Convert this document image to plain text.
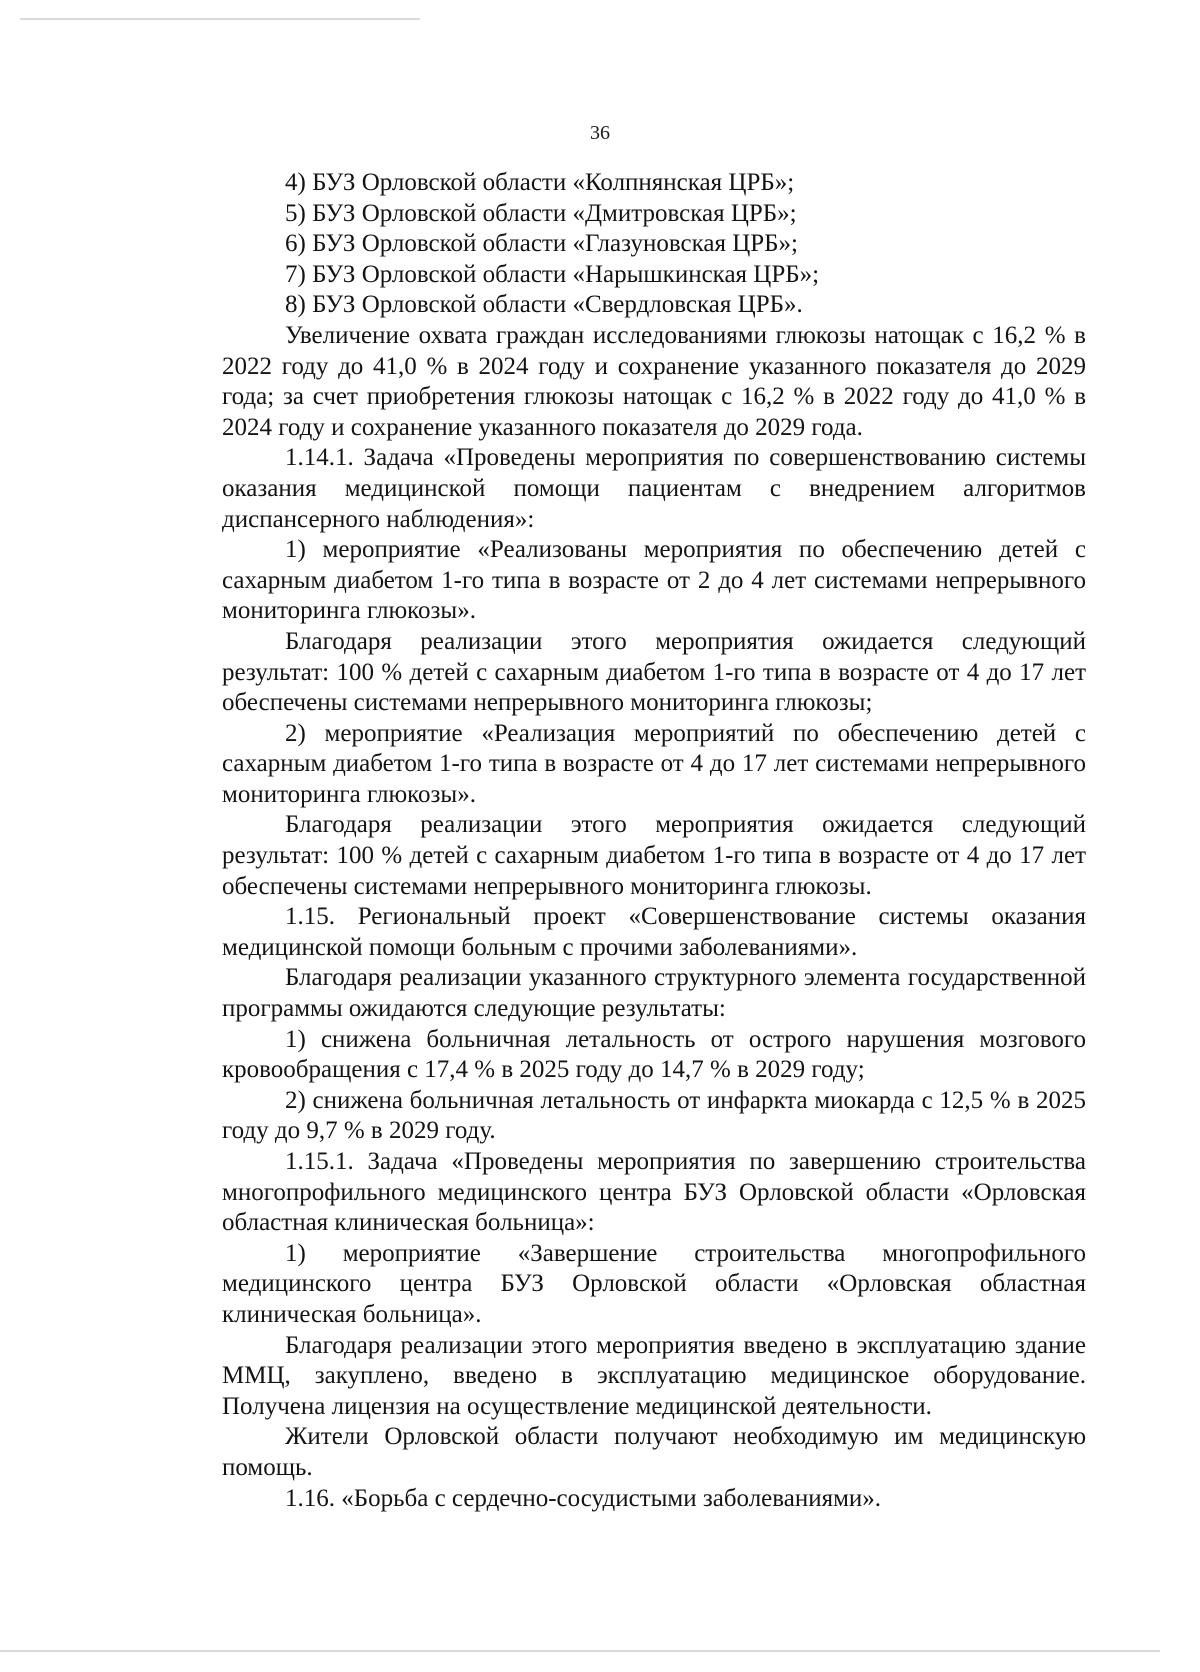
36

4) БУЗ Орловской области «Колпнянская ЦРБ»;

5) БУЗ Орловской области «Дмитровская ЦРБ»;

6) БУЗ Орловской области «Глазуновская ЦРБ»;

7) БУЗ Орловской области «Нарышкинская ЦРБ»;

8) БУЗ Орловской области «Свердловская ЦРБ».

Увеличение охвата граждан исследованиями глюкозы натощак с 16,2 % в 2022 году до 41,0 % в 2024 году и сохранение указанного показателя до 2029 года; за счет приобретения глюкозы натощак с 16,2 % в 2022 году до 41,0 % в 2024 году и сохранение указанного показателя до 2029 года.

1.14.1. Задача «Проведены мероприятия по совершенствованию системы оказания медицинской помощи пациентам с внедрением алгоритмов диспансерного наблюдения»:

1) мероприятие «Реализованы мероприятия по обеспечению детей с сахарным диабетом 1-го типа в возрасте от 2 до 4 лет системами непрерывного мониторинга глюкозы».

Благодаря реализации этого мероприятия ожидается следующий результат: 100 % детей с сахарным диабетом 1-го типа в возрасте от 4 до 17 лет обеспечены системами непрерывного мониторинга глюкозы;

2) мероприятие «Реализация мероприятий по обеспечению детей с сахарным диабетом 1-го типа в возрасте от 4 до 17 лет системами непрерывного мониторинга глюкозы».

Благодаря реализации этого мероприятия ожидается следующий результат: 100 % детей с сахарным диабетом 1-го типа в возрасте от 4 до 17 лет обеспечены системами непрерывного мониторинга глюкозы.

1.15. Региональный проект «Совершенствование системы оказания медицинской помощи больным с прочими заболеваниями».

Благодаря реализации указанного структурного элемента государственной программы ожидаются следующие результаты:

1) снижена больничная летальность от острого нарушения мозгового кровообращения с 17,4 % в 2025 году до 14,7 % в 2029 году;

2) снижена больничная летальность от инфаркта миокарда с 12,5 % в 2025 году до 9,7 % в 2029 году.

1.15.1. Задача «Проведены мероприятия по завершению строительства многопрофильного медицинского центра БУЗ Орловской области «Орловская областная клиническая больница»:

1) мероприятие «Завершение строительства многопрофильного медицинского центра БУЗ Орловской области «Орловская областная клиническая больница».

Благодаря реализации этого мероприятия введено в эксплуатацию здание ММЦ, закуплено, введено в эксплуатацию медицинское оборудование. Получена лицензия на осуществление медицинской деятельности.

Жители Орловской области получают необходимую им медицинскую помощь.

1.16. «Борьба с сердечно-сосудистыми заболеваниями».
